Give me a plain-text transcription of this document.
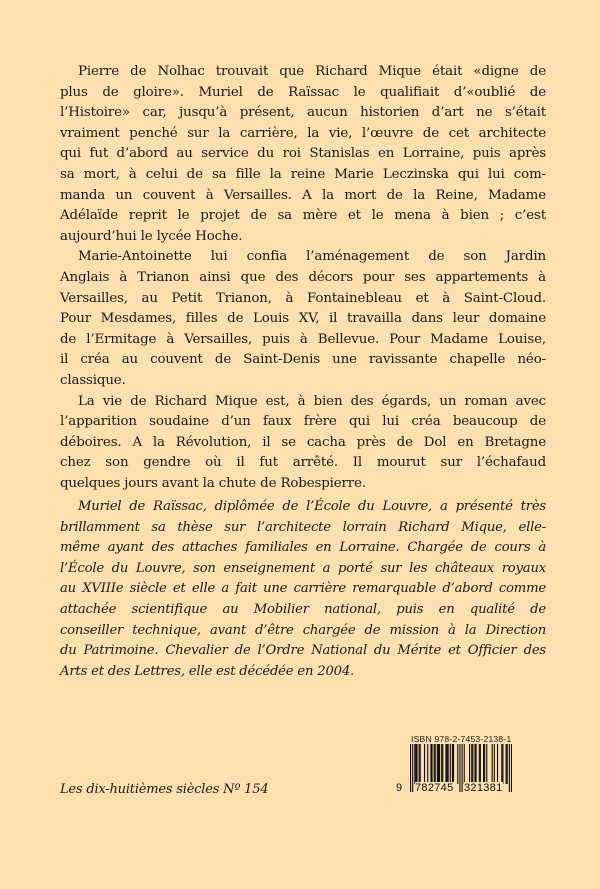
Pierre de Nolhac trouvait que Richard Mique était «digne de
plus de gloire». Muriel de Raïssac le qualifiait d’«oublié de
l’Histoire» car, jusqu’à présent, aucun historien d’art ne s’était
vraiment penché sur la carrière, la vie, l’œuvre de cet architecte
qui fut d’abord au service du roi Stanislas en Lorraine, puis après
sa mort, à celui de sa fille la reine Marie Leczinska qui lui com-
manda un couvent à Versailles. A la mort de la Reine, Madame
Adélaïde reprit le projet de sa mère et le mena à bien ; c’est
aujourd’hui le lycée Hoche.
Marie-Antoinette lui confia l’aménagement de son Jardin
Anglais à Trianon ainsi que des décors pour ses appartements à
Versailles, au Petit Trianon, à Fontainebleau et à Saint-Cloud.
Pour Mesdames, filles de Louis XV, il travailla dans leur domaine
de l’Ermitage à Versailles, puis à Bellevue. Pour Madame Louise,
il créa au couvent de Saint-Denis une ravissante chapelle néo-
classique.
La vie de Richard Mique est, à bien des égards, un roman avec
l’apparition soudaine d’un faux frère qui lui créa beaucoup de
déboires. A la Révolution, il se cacha près de Dol en Bretagne
chez son gendre où il fut arrêté. Il mourut sur l’échafaud
quelques jours avant la chute de Robespierre.
Muriel de Raïssac, diplômée de l’École du Louvre, a présenté très
brillamment sa thèse sur l’architecte lorrain Richard Mique, elle-
même ayant des attaches familiales en Lorraine. Chargée de cours à
l’École du Louvre, son enseignement a porté sur les châteaux royaux
au XVIIIe siècle et elle a fait une carrière remarquable d’abord comme
attachée scientifique au Mobilier national, puis en qualité de
conseiller technique, avant d’être chargée de mission à la Direction
du Patrimoine. Chevalier de l’Ordre National du Mérite et Officier des
Arts et des Lettres, elle est décédée en 2004.
Les dix-huitièmes siècles Nº 154
ISBN 978-2-7453-2138-1
9 782745 321381
